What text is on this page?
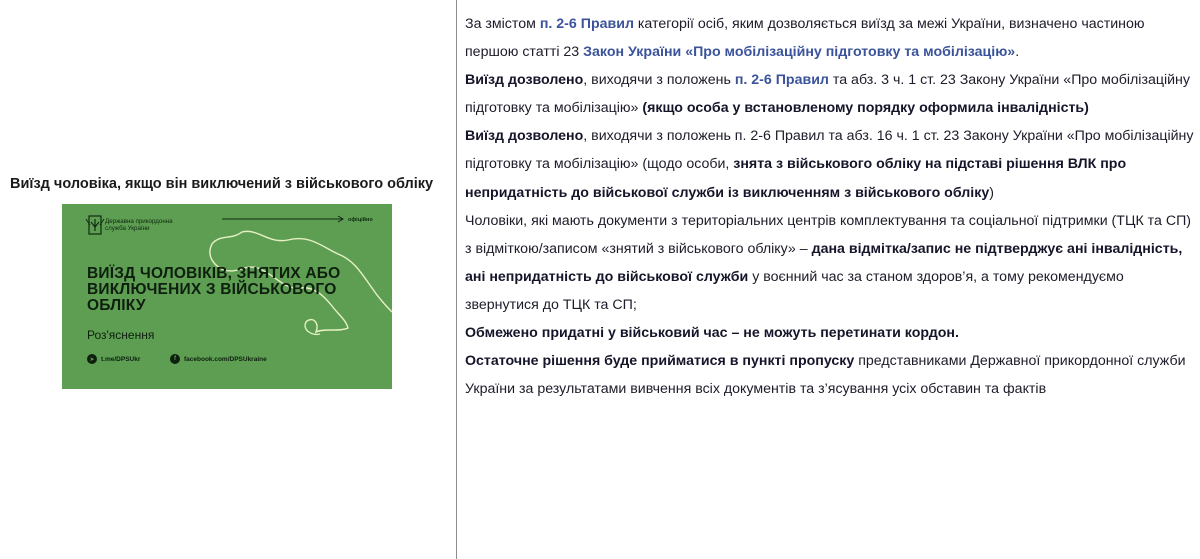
Виїзд чоловіка, якщо він виключений з військового обліку
Державна прикордонна служба України
офіційно
ВИЇЗД ЧОЛОВІКІВ, ЗНЯТИХ АБО ВИКЛЮЧЕНИХ З ВІЙСЬКОВОГО ОБЛІКУ
Роз'яснення
➤ t.me/DPSUkr	f	facebook.com/DPSUkraine

За змістом п. 2-6 Правил категорії осіб, яким дозволяється виїзд за межі України, визначено частиною першою статті 23 Закон України «Про мобілізаційну підготовку та мобілізацію».

Виїзд дозволено, виходячи з положень п. 2-6 Правил та абз. 3 ч. 1 ст. 23 Закону України «Про мобілізаційну підготовку та мобілізацію» (якщо особа у встановленому порядку оформила інвалідність)

Виїзд дозволено, виходячи з положень п. 2-6 Правил та абз. 16 ч. 1 ст. 23 Закону України «Про мобілізаційну підготовку та мобілізацію» (щодо особи, знята з військового обліку на підставі рішення ВЛК про непридатність до військової служби із виключенням з військового обліку)

Чоловіки, які мають документи з територіальних центрів комплектування та соціальної підтримки (ТЦК та СП) з відміткою/записом «знятий з військового обліку» – дана відмітка/запис не підтверджує ані інвалідність, ані непридатність до військової служби у воєнний час за станом здоров’я, а тому рекомендуємо звернутися до ТЦК та СП;

Обмежено придатні у військовий час – не можуть перетинати кордон.

Остаточне рішення буде прийматися в пункті пропуску представниками Державної прикордонної служби України за результатами вивчення всіх документів та з’ясування усіх обставин та фактів
